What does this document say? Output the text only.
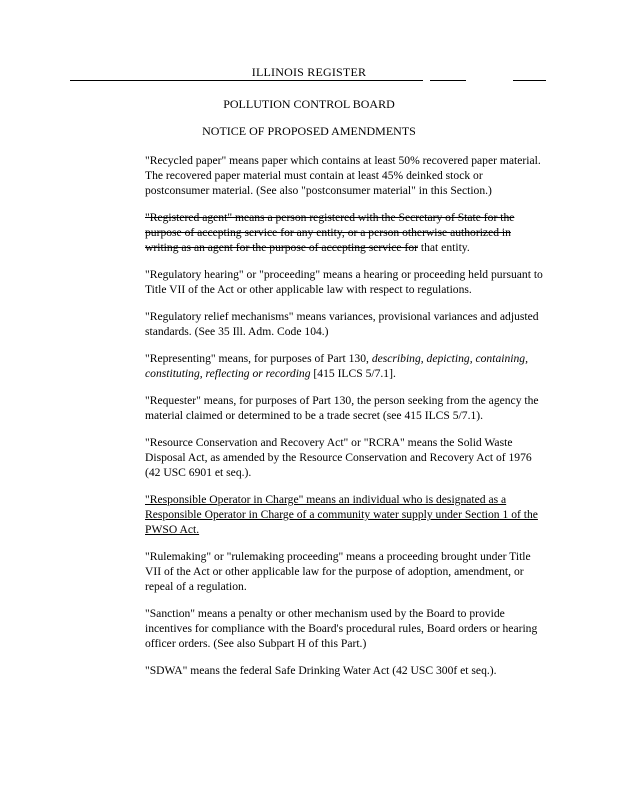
ILLINOIS REGISTER
POLLUTION CONTROL BOARD
NOTICE OF PROPOSED AMENDMENTS

"Recycled paper" means paper which contains at least 50% recovered paper material. The recovered paper material must contain at least 45% deinked stock or postconsumer material. (See also "postconsumer material" in this Section.)

"Registered agent" means a person registered with the Secretary of State for the purpose of accepting service for any entity, or a person otherwise authorized in writing as an agent for the purpose of accepting service for that entity.

"Regulatory hearing" or "proceeding" means a hearing or proceeding held pursuant to Title VII of the Act or other applicable law with respect to regulations.

"Regulatory relief mechanisms" means variances, provisional variances and adjusted standards. (See 35 Ill. Adm. Code 104.)

"Representing" means, for purposes of Part 130, describing, depicting, containing, constituting, reflecting or recording [415 ILCS 5/7.1].

"Requester" means, for purposes of Part 130, the person seeking from the agency the material claimed or determined to be a trade secret (see 415 ILCS 5/7.1).

"Resource Conservation and Recovery Act" or "RCRA" means the Solid Waste Disposal Act, as amended by the Resource Conservation and Recovery Act of 1976 (42 USC 6901 et seq.).

"Responsible Operator in Charge" means an individual who is designated as a Responsible Operator in Charge of a community water supply under Section 1 of the PWSO Act.

"Rulemaking" or "rulemaking proceeding" means a proceeding brought under Title VII of the Act or other applicable law for the purpose of adoption, amendment, or repeal of a regulation.

"Sanction" means a penalty or other mechanism used by the Board to provide incentives for compliance with the Board's procedural rules, Board orders or hearing officer orders. (See also Subpart H of this Part.)

"SDWA" means the federal Safe Drinking Water Act (42 USC 300f et seq.).
